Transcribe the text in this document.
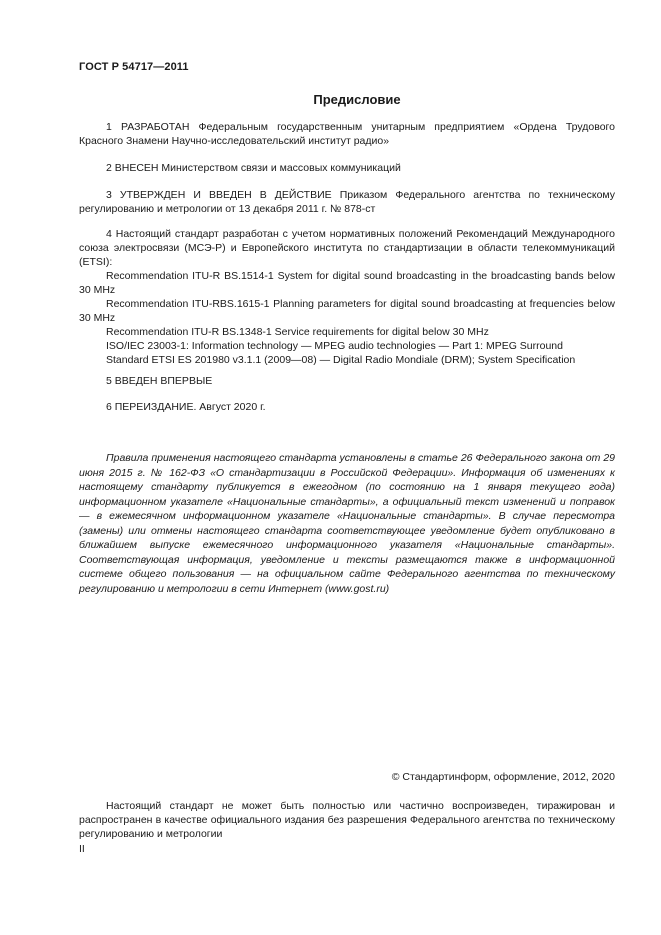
ГОСТ Р 54717—2011
Предисловие

1 РАЗРАБОТАН Федеральным государственным унитарным предприятием «Ордена Трудового Красного Знамени Научно-исследовательский институт радио»

2 ВНЕСЕН Министерством связи и массовых коммуникаций

3 УТВЕРЖДЕН И ВВЕДЕН В ДЕЙСТВИЕ Приказом Федерального агентства по техническому регулированию и метрологии от 13 декабря 2011 г. № 878-ст

4 Настоящий стандарт разработан с учетом нормативных положений Рекомендаций Международного союза электросвязи (МСЭ-Р) и Европейского института по стандартизации в области телекоммуникаций (ETSI):

Recommendation ITU-R BS.1514-1 System for digital sound broadcasting in the broadcasting bands below 30 MHz

Recommendation ITU-RBS.1615-1 Planning parameters for digital sound broadcasting at frequencies below 30 MHz

Recommendation ITU-R BS.1348-1 Service requirements for digital below 30 MHz

ISO/IEC 23003-1: Information technology — MPEG audio technologies — Part 1: MPEG Surround

Standard ETSI ES 201980 v3.1.1 (2009—08) — Digital Radio Mondiale (DRM); System Specification

5 ВВЕДЕН ВПЕРВЫЕ

6 ПЕРЕИЗДАНИЕ. Август 2020 г.

Правила применения настоящего стандарта установлены в статье 26 Федерального закона от 29 июня 2015 г. № 162-ФЗ «О стандартизации в Российской Федерации». Информация об изменениях к настоящему стандарту публикуется в ежегодном (по состоянию на 1 января текущего года) информационном указателе «Национальные стандарты», а официальный текст изменений и поправок — в ежемесячном информационном указателе «Национальные стандарты». В случае пересмотра (замены) или отмены настоящего стандарта соответствующее уведомление будет опубликовано в ближайшем выпуске ежемесячного информационного указателя «Национальные стандарты». Соответствующая информация, уведомление и тексты размещаются также в информационной системе общего пользования — на официальном сайте Федерального агентства по техническому регулированию и метрологии в сети Интернет (www.gost.ru)

© Стандартинформ, оформление, 2012, 2020

Настоящий стандарт не может быть полностью или частично воспроизведен, тиражирован и распространен в качестве официального издания без разрешения Федерального агентства по техническому регулированию и метрологии

II
